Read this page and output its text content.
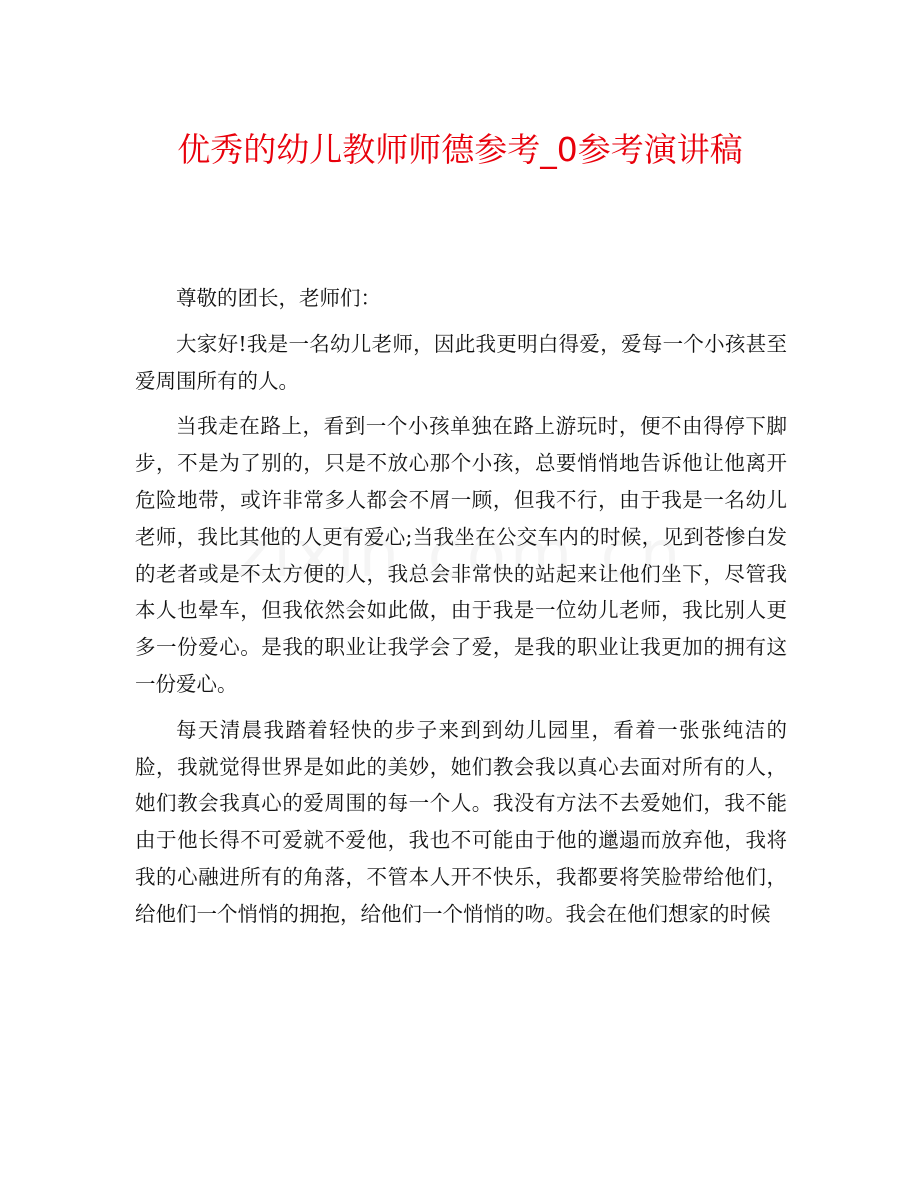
优秀的幼儿教师师德参考_0参考演讲稿

尊敬的团长，老师们：

大家好!我是一名幼儿老师，因此我更明白得爱，爱每一个小孩甚至爱周围所有的人。

当我走在路上，看到一个小孩单独在路上游玩时，便不由得停下脚步，不是为了别的，只是不放心那个小孩，总要悄悄地告诉他让他离开危险地带，或许非常多人都会不屑一顾，但我不行，由于我是一名幼儿老师，我比其他的人更有爱心;当我坐在公交车内的时候，见到苍惨白发的老者或是不太方便的人，我总会非常快的站起来让他们坐下，尽管我本人也晕车，但我依然会如此做，由于我是一位幼儿老师，我比别人更多一份爱心。是我的职业让我学会了爱，是我的职业让我更加的拥有这一份爱心。

每天清晨我踏着轻快的步子来到到幼儿园里，看着一张张纯洁的脸，我就觉得世界是如此的美妙，她们教会我以真心去面对所有的人，她们教会我真心的爱周围的每一个人。我没有方法不去爱她们，我不能由于他长得不可爱就不爱他，我也不可能由于他的邋遢而放弃他，我将我的心融进所有的角落，不管本人开不快乐，我都要将笑脸带给他们，给他们一个悄悄的拥抱，给他们一个悄悄的吻。我会在他们想家的时候
